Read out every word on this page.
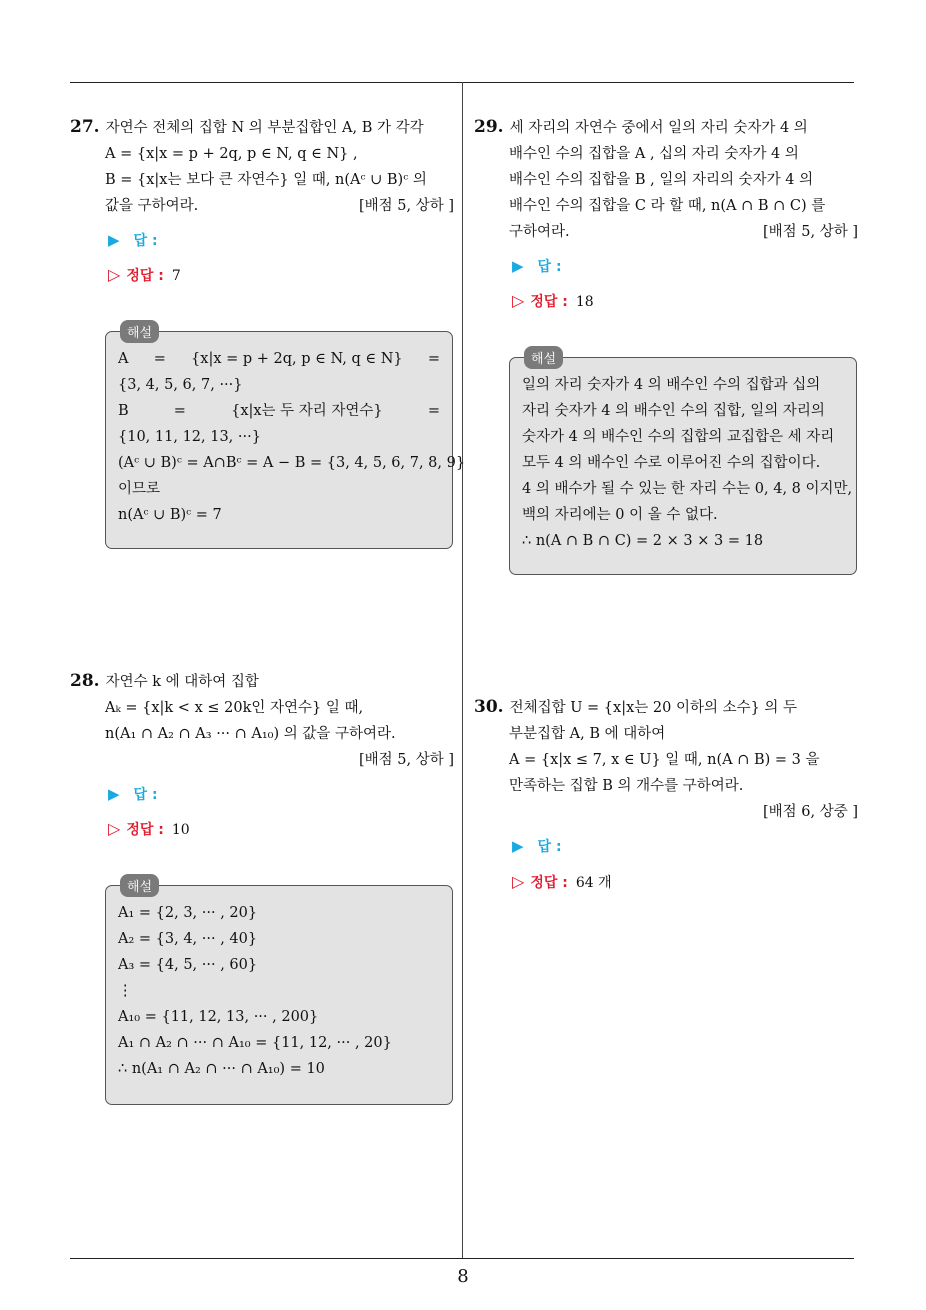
27. 자연수 전체의 집합 N 의 부분집합인 A, B 가 각각
A = {x|x = p + 2q, p ∈ N, q ∈ N} ,
B = {x|x는 보다 큰 자연수} 일 때, n(Aᶜ ∪ B)ᶜ 의
값을 구하여라.	[배점 5, 상하 ]
▶ 답 :
▷ 정답 : 7
해설
A = {x|x = p + 2q, p ∈ N, q ∈ N} =
{3, 4, 5, 6, 7, ···}
B	=	{x|x는 두 자리 자연수}	=
{10, 11, 12, 13, ···}
(Aᶜ ∪ B)ᶜ = A∩Bᶜ = A − B = {3, 4, 5, 6, 7, 8, 9}
이므로
n(Aᶜ ∪ B)ᶜ = 7
28. 자연수 k 에 대하여 집합
Aₖ = {x|k < x ≤ 20k인 자연수} 일 때,
n(A₁ ∩ A₂ ∩ A₃ ··· ∩ A₁₀) 의 값을 구하여라.
[배점 5, 상하 ]
▶ 답 :
▷ 정답 : 10
해설
A₁ = {2, 3, ··· , 20}
A₂ = {3, 4, ··· , 40}
A₃ = {4, 5, ··· , 60}
⋮
A₁₀ = {11, 12, 13, ··· , 200}
A₁ ∩ A₂ ∩ ··· ∩ A₁₀ = {11, 12, ··· , 20}
∴ n(A₁ ∩ A₂ ∩ ··· ∩ A₁₀) = 10
29. 세 자리의 자연수 중에서 일의 자리 숫자가 4 의
배수인 수의 집합을 A , 십의 자리 숫자가 4 의
배수인 수의 집합을 B , 일의 자리의 숫자가 4 의
배수인 수의 집합을 C 라 할 때, n(A ∩ B ∩ C) 를
구하여라.	[배점 5, 상하 ]
▶ 답 :
▷ 정답 : 18
해설
일의 자리 숫자가 4 의 배수인 수의 집합과 십의
자리 숫자가 4 의 배수인 수의 집합, 일의 자리의
숫자가 4 의 배수인 수의 집합의 교집합은 세 자리
모두 4 의 배수인 수로 이루어진 수의 집합이다.
4 의 배수가 될 수 있는 한 자리 수는 0, 4, 8 이지만,
백의 자리에는 0 이 올 수 없다.
∴ n(A ∩ B ∩ C) = 2 × 3 × 3 = 18
30. 전체집합 U = {x|x는 20 이하의 소수} 의 두
부분집합 A, B 에 대하여
A = {x|x ≤ 7, x ∈ U} 일 때, n(A ∩ B) = 3 을
만족하는 집합 B 의 개수를 구하여라.
[배점 6, 상중 ]
▶ 답 :
▷ 정답 : 64 개
8
